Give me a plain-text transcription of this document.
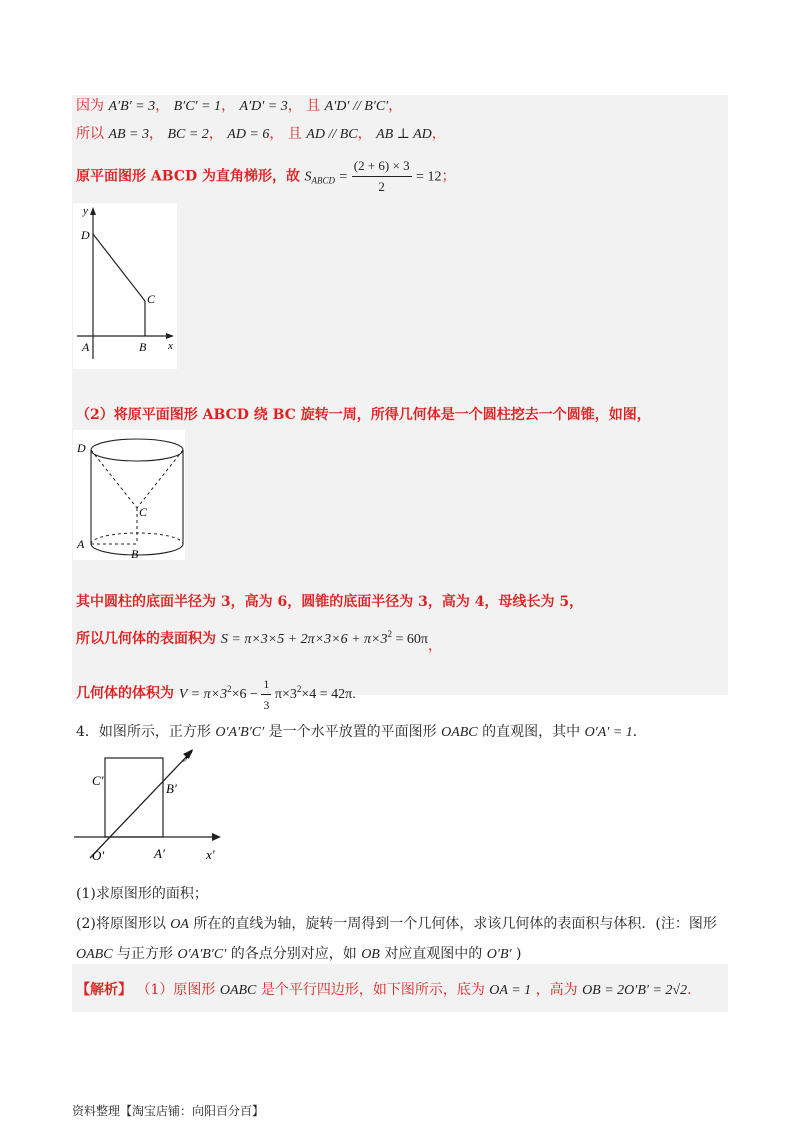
因为 A′B′ = 3， B′C′ = 1， A′D′ = 3， 且 A′D′ // B′C′，
所以 AB = 3， BC = 2， AD = 6， 且 AD // BC， AB ⊥ AD，
原平面图形 ABCD 为直角梯形，故 $S_{ABCD} = \frac{(2 + 6) \times 3}{2} = 12$；
y
D
C
A	B x
（2）将原平面图形 ABCD 绕 BC 旋转一周，所得几何体是一个圆柱挖去一个圆锥，如图，
D
C
A
B
其中圆柱的底面半径为 3，高为 6，圆锥的底面半径为 3，高为 4，母线长为 5，
所以几何体的表面积为 $S = \pi\times 3\times 5 + 2\pi\times 3\times 6 + \pi\times 3^2 = 60\pi$ ，
几何体的体积为 $V = \pi\times 3^2\times 6 - \frac{1}{3} \pi\times 3^2\times 4 = 42\pi$.
4．如图所示，正方形 O′A′B′C′ 是一个水平放置的平面图形 OABC 的直观图，其中 O′A′ = 1．
y′
C′
B′
O′	A′	x′
(1)求原图形的面积；
(2)将原图形以 OA 所在的直线为轴，旋转一周得到一个几何体，求该几何体的表面积与体积．(注：图形
OABC 与正方形 O′A′B′C′ 的各点分别对应，如 OB 对应直观图中的 O′B′ )
【解析】 （1）原图形 OABC 是个平行四边形，如下图所示，底为 OA = 1 ，高为 OB = 2O′B′ = 2√2.
资料整理【淘宝店铺：向阳百分百】
